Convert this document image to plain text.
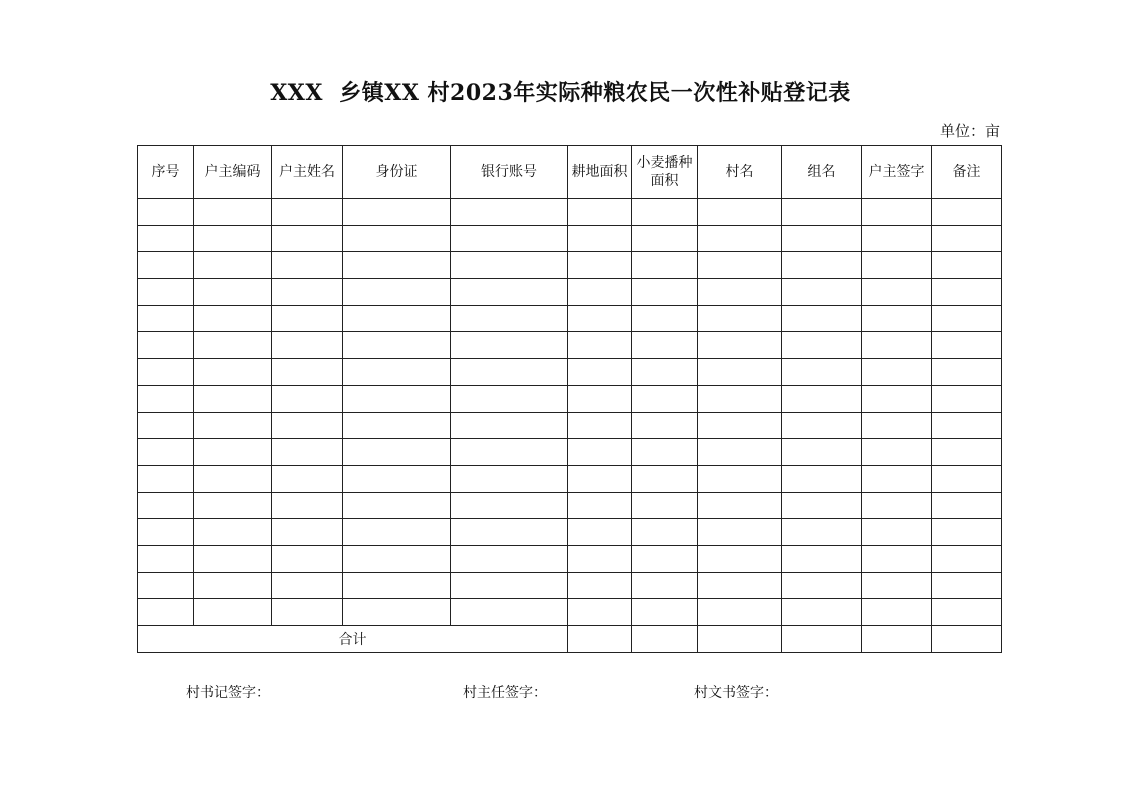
XXX  乡镇XX 村2023年实际种粮农民一次性补贴登记表
单位：亩
序号	户主编码	户主姓名	身份证	银行账号	耕地面积	小麦播种面积	村名	组名	户主签字	备注

合计										
村书记签字：	村主任签字：	村文书签字：
